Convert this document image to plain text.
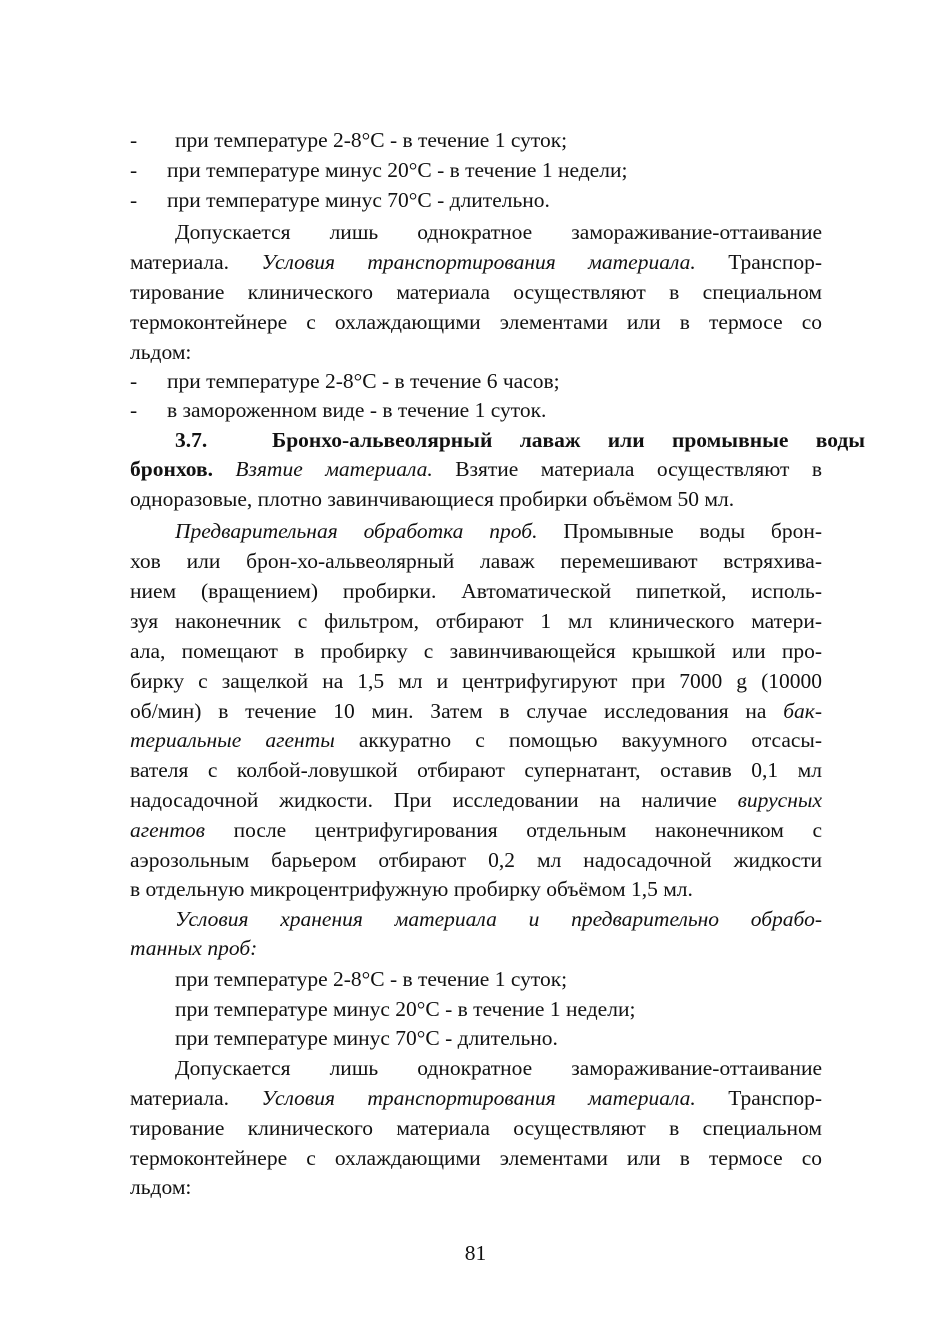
- при температуре 2-8°С - в течение 1 суток;
- при температуре минус 20°С - в течение 1 недели;
- при температуре минус 70°С - длительно.
Допускается лишь однократное замораживание-оттаивание
материала. Условия транспортирования материала. Транспор-
тирование клинического материала осуществляют в специальном
термоконтейнере с охлаждающими элементами или в термосе со
льдом:
- при температуре 2-8°С - в течение 6 часов;
- в замороженном виде - в течение 1 суток.
3.7.	Бронхо-альвеолярный лаваж или промывные воды
бронхов. Взятие материала. Взятие материала осуществляют в
одноразовые, плотно завинчивающиеся пробирки объёмом 50 мл.
Предварительная обработка проб. Промывные воды брон-
хов или брон-хо-альвеолярный лаваж перемешивают встряхива-
нием (вращением) пробирки. Автоматической пипеткой, исполь-
зуя наконечник с фильтром, отбирают 1 мл клинического матери-
ала, помещают в пробирку с завинчивающейся крышкой или про-
бирку с защелкой на 1,5 мл и центрифугируют при 7000 g (10000
об/мин) в течение 10 мин. Затем в случае исследования на бак-
териальные агенты аккуратно с помощью вакуумного отсасы-
вателя с колбой-ловушкой отбирают супернатант, оставив 0,1 мл
надосадочной жидкости. При исследовании на наличие вирусных
агентов после центрифугирования отдельным наконечником с
аэрозольным барьером отбирают 0,2 мл надосадочной жидкости
в отдельную микроцентрифужную пробирку объёмом 1,5 мл.
Условия хранения материала и предварительно обрабо-
танных проб:
при температуре 2-8°С - в течение 1 суток;
при температуре минус 20°С - в течение 1 недели;
при температуре минус 70°С - длительно.
Допускается лишь однократное замораживание-оттаивание
материала. Условия транспортирования материала. Транспор-
тирование клинического материала осуществляют в специальном
термоконтейнере с охлаждающими элементами или в термосе со
льдом:
81
